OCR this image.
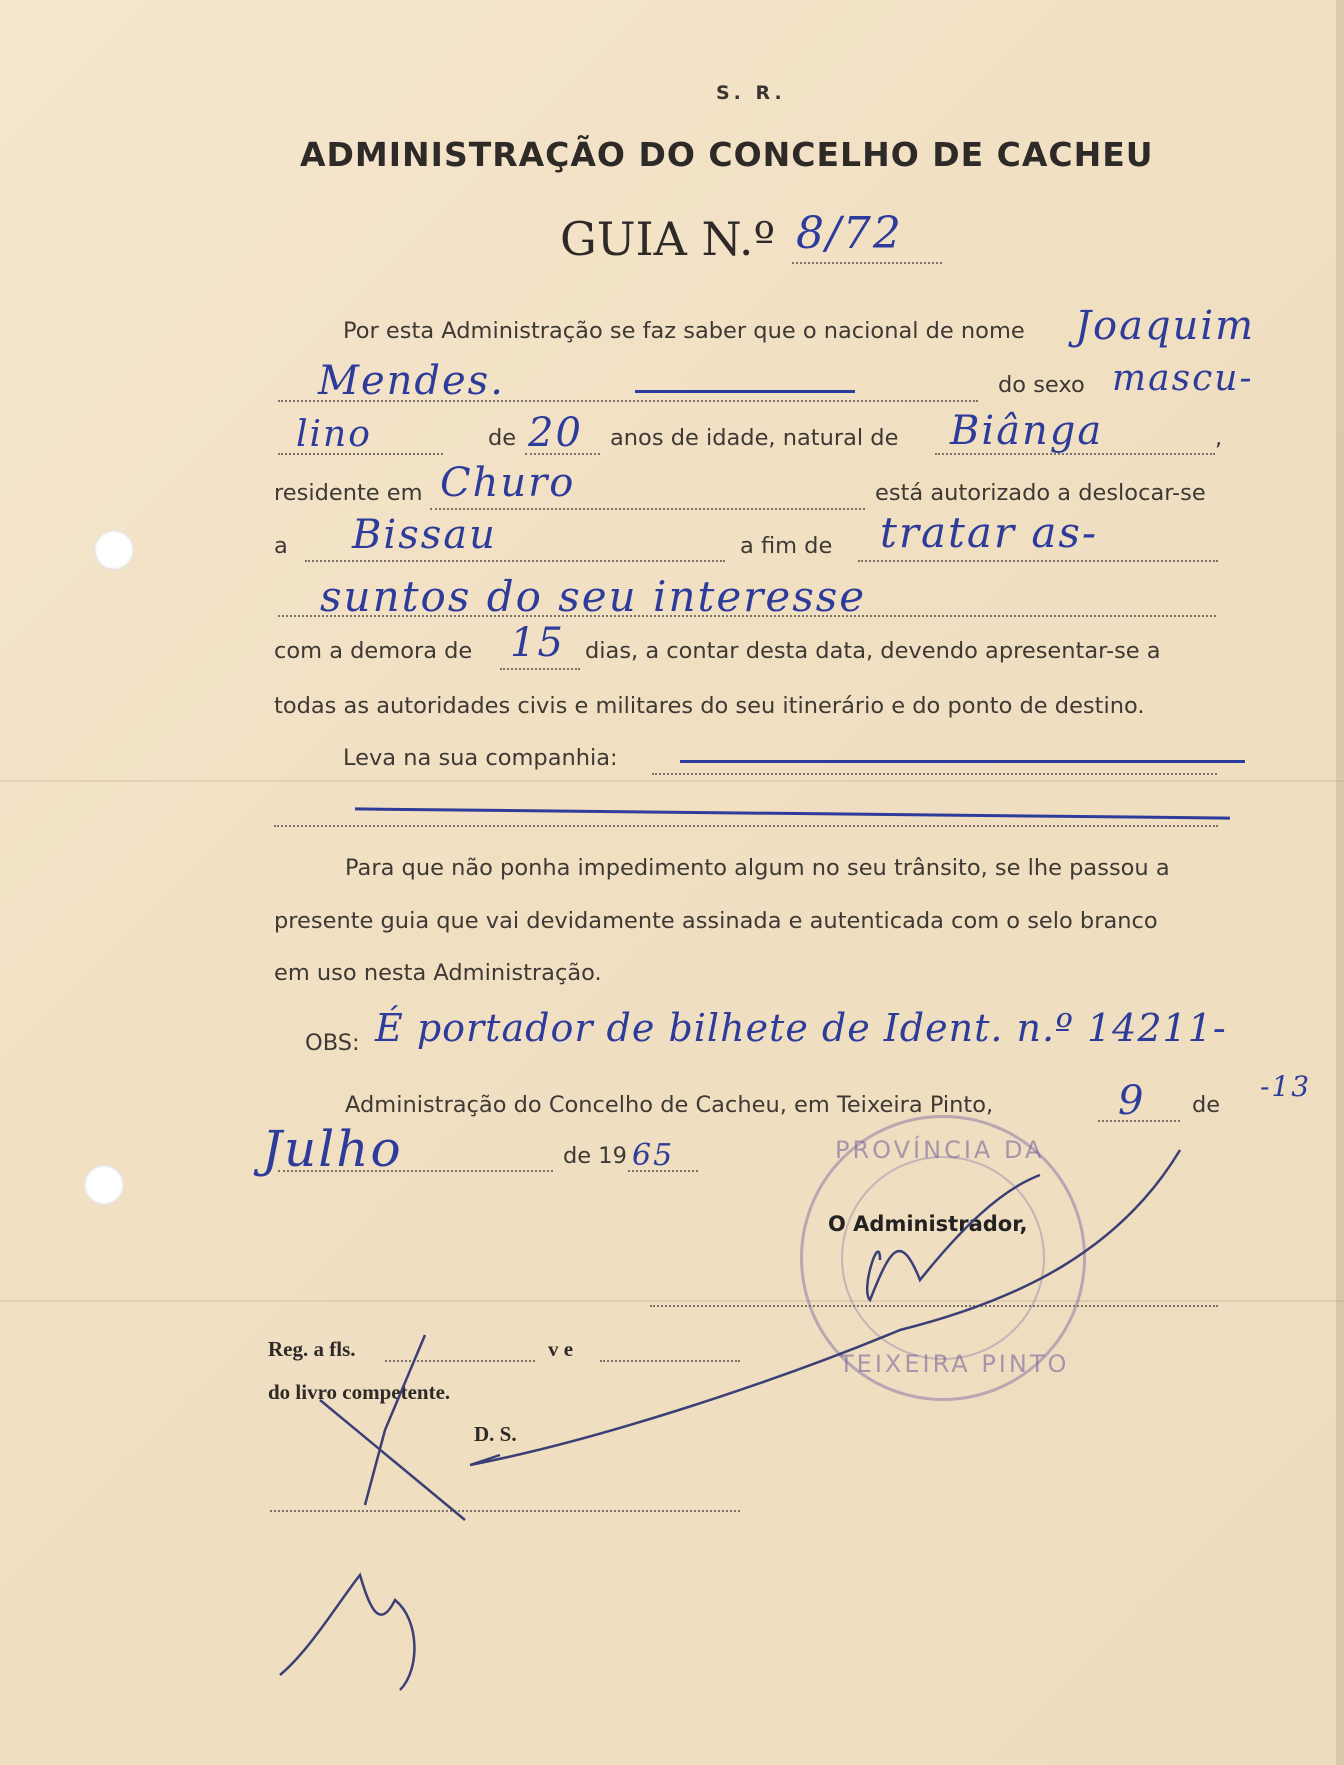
S. R.
ADMINISTRAÇÃO DO CONCELHO DE CACHEU
GUIA N.º 8/72
Por esta Administração se faz saber que o nacional de nome Joaquim
Mendes.	do sexo mascu-
lino	de 20 anos de idade, natural de Biânga	,
residente em Churo	está autorizado a deslocar-se
a Bissau	a fim de tratar as-
suntos do seu interesse
com a demora de 15 dias, a contar desta data, devendo apresentar-se a
todas as autoridades civis e militares do seu itinerário e do ponto de destino.
Leva na sua companhia:
Para que não ponha impedimento algum no seu trânsito, se lhe passou a
presente guia que vai devidamente assinada e autenticada com o selo branco
em uso nesta Administração.
OBS: É portador de bilhete de Ident. n.º 14211-
-13
Administração do Concelho de Cacheu, em Teixeira Pinto,	9 de
Julho	de 19 65	PROVÍNCIA DA
TEIXEIRA PINTO
O Administrador,
Reg. a fls.	v e
do livro competente.
D. S.
